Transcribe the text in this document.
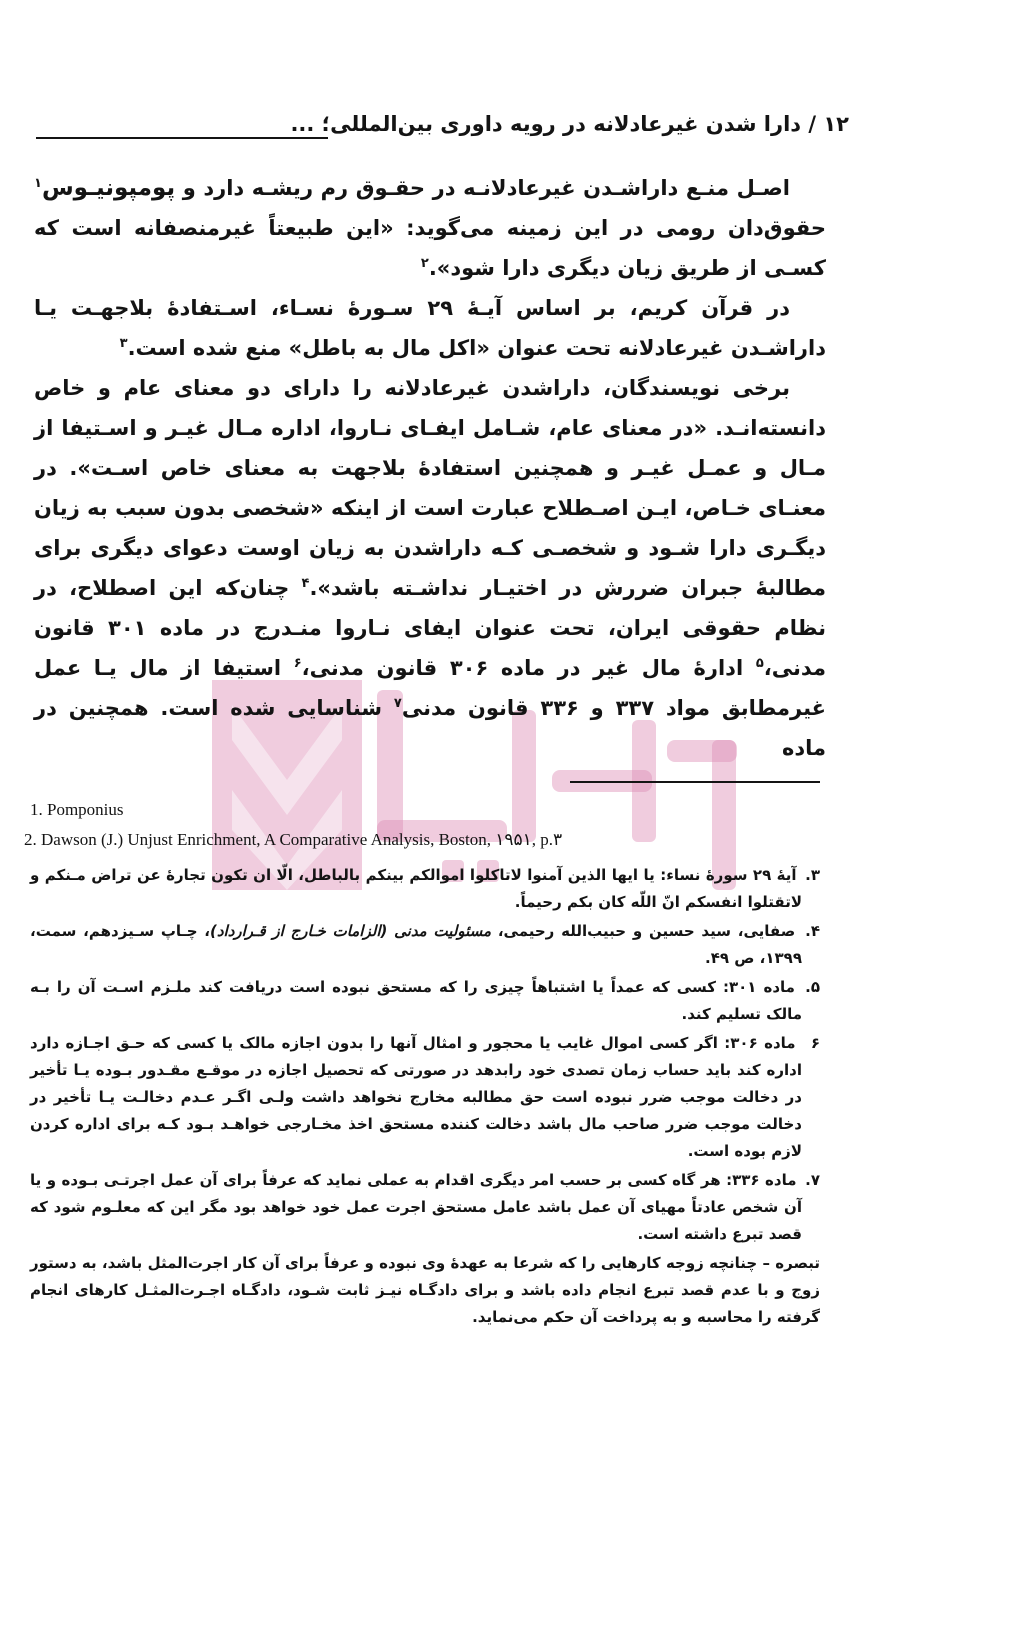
۱۲ / دارا شدن غیرعادلانه در رویه داوری بین‌المللی؛ ...

اصـل منـع داراشـدن غیرعادلانـه در حقـوق رم ریشـه دارد و پومپونیـوس$^۱$ حقوق‌دان رومی در این زمینه می‌گوید: «این طبیعتاً غیرمنصفانه است که کسـی از طریق زیان دیگری دارا شود».$^۲$

در قرآن کریم، بر اساس آیـهٔ ۲۹ سـورهٔ نسـاء، اسـتفادهٔ بلاجهـت یـا داراشـدن غیرعادلانه تحت عنوان «اکل مال به باطل» منع شده است.$^۳$

برخی نویسندگان، داراشدن غیرعادلانه را دارای دو معنای عام و خاص دانسته‌انـد. «در معنای عام، شـامل ایفـای نـاروا، اداره مـال غیـر و اسـتیفا از مـال و عمـل غیـر و همچنین استفادهٔ بلاجهت به معنای خاص اسـت». در معنـای خـاص، ایـن اصـطلاح عبارت است از اینکه «شخصی بدون سبب به زیان دیگـری دارا شـود و شخصـی کـه داراشدن به زیان اوست دعوای دیگری برای مطالبهٔ جبران ضررش در اختیـار نداشـته باشد».$^۴$ چنان‌که این اصطلاح، در نظام حقوقی ایران، تحت عنوان ایفای نـاروا منـدرج در ماده ۳۰۱ قانون مدنی،$^۵$ ادارهٔ مال غیر در ماده ۳۰۶ قانون مدنی،$^۶$ استیفا از مال یـا عمل غیرمطابق مواد ۳۳۷ و ۳۳۶ قانون مدنی$^۷$ شناسایی شده است. همچنین در ماده

1. Pomponius
2. Dawson (J.) Unjust Enrichment, A Comparative Analysis, Boston, ۱۹۵۱, p.۳

۳. آیهٔ ۲۹ سورهٔ نساء: یا ایها الذین آمنوا لاتاکلوا اموالکم بینکم بالباطل، الّا ان تکون تجارهٔ عن تراض مـنکم و لاتقتلوا انفسکم انّ اللّه کان بکم رحیماً.

۴. صفایی، سید حسین و حبیب‌الله رحیمی، مسئولیت مدنی (الزامات خـارج از قـرارداد)، چـاپ سـیزدهم، سمت، ۱۳۹۹، ص ۴۹.

۵. ماده ۳۰۱: کسی که عمداً یا اشتباهاً چیزی را که مستحق نبوده است دریافت کند ملـزم اسـت آن را بـه مالک تسلیم کند.

۶ ماده ۳۰۶: اگر کسی اموال غایب یا محجور و امثال آنها را بدون اجازه مالک یا کسی که حـق اجـازه دارد اداره کند باید حساب زمان تصدی خود رابدهد در صورتی که تحصیل اجازه در موقـع مقـدور بـوده یـا تأخیر در دخالت موجب ضرر نبوده است حق مطالبه مخارج نخواهد داشت ولـی اگـر عـدم دخالـت یـا تأخیر در دخالت موجب ضرر صاحب مال باشد دخالت کننده مستحق اخذ مخـارجی خواهـد بـود کـه برای اداره کردن لازم بوده است.

۷. ماده ۳۳۶: هر گاه کسی بر حسب امر دیگری اقدام به عملی نماید که عرفاً برای آن عمل اجرتـی بـوده و یا آن شخص عادتاً مهیای آن عمل باشد عامل مستحق اجرت عمل خود خواهد بود مگر این که معلـوم شود که قصد تبرع داشته است.

تبصره – چنانچه زوجه کارهایی را که شرعا به عهدهٔ وی نبوده و عرفاً برای آن کار اجرت‌المثل باشد، به دستور زوج و با عدم قصد تبرع انجام داده باشد و برای دادگـاه نیـز ثابت شـود، دادگـاه اجـرت‌المثـل کارهای انجام گرفته را محاسبه و به پرداخت آن حکم می‌نماید.
